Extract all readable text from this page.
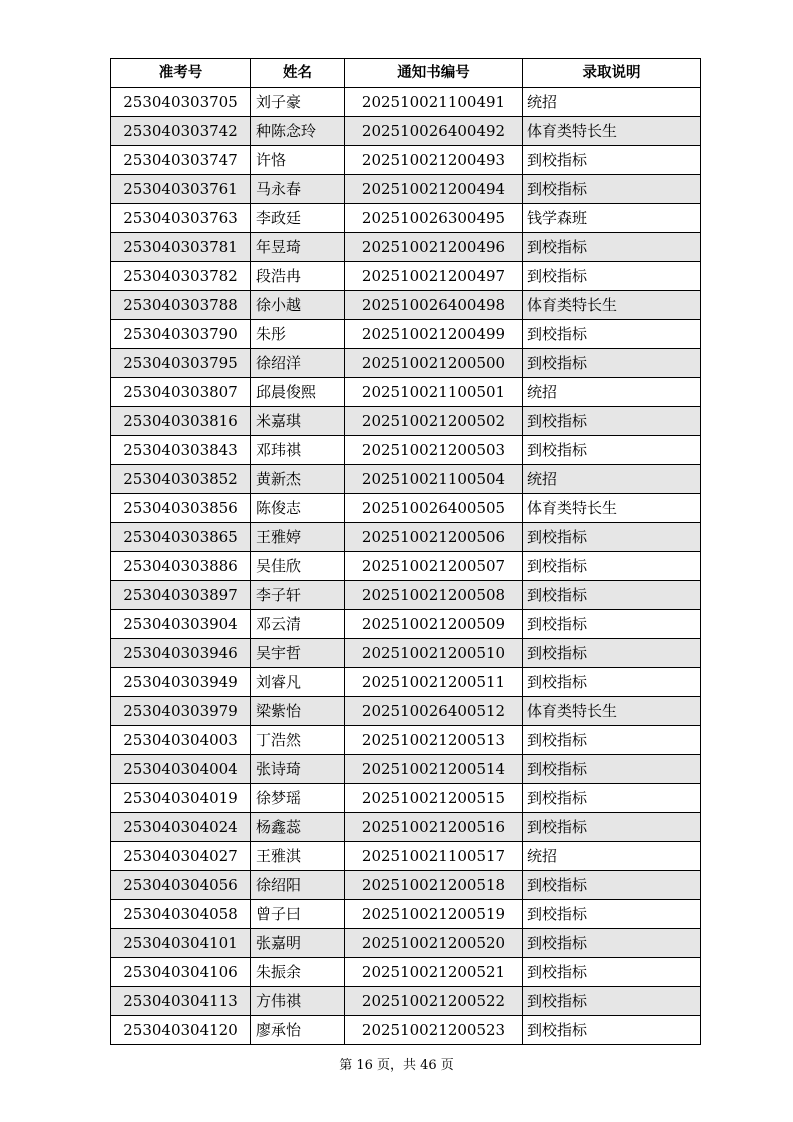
准考号	姓名	通知书编号	录取说明
253040303705	刘子豪	202510021100491	统招
253040303742	种陈念玲	202510026400492	体育类特长生
253040303747	许恪	202510021200493	到校指标
253040303761	马永春	202510021200494	到校指标
253040303763	李政廷	202510026300495	钱学森班
253040303781	年昱琦	202510021200496	到校指标
253040303782	段浩冉	202510021200497	到校指标
253040303788	徐小越	202510026400498	体育类特长生
253040303790	朱彤	202510021200499	到校指标
253040303795	徐绍洋	202510021200500	到校指标
253040303807	邱晨俊熙	202510021100501	统招
253040303816	米嘉琪	202510021200502	到校指标
253040303843	邓玮祺	202510021200503	到校指标
253040303852	黄新杰	202510021100504	统招
253040303856	陈俊志	202510026400505	体育类特长生
253040303865	王雅婷	202510021200506	到校指标
253040303886	吴佳欣	202510021200507	到校指标
253040303897	李子轩	202510021200508	到校指标
253040303904	邓云清	202510021200509	到校指标
253040303946	吴宇哲	202510021200510	到校指标
253040303949	刘睿凡	202510021200511	到校指标
253040303979	梁紫怡	202510026400512	体育类特长生
253040304003	丁浩然	202510021200513	到校指标
253040304004	张诗琦	202510021200514	到校指标
253040304019	徐梦瑶	202510021200515	到校指标
253040304024	杨鑫蕊	202510021200516	到校指标
253040304027	王雅淇	202510021100517	统招
253040304056	徐绍阳	202510021200518	到校指标
253040304058	曾子曰	202510021200519	到校指标
253040304101	张嘉明	202510021200520	到校指标
253040304106	朱振余	202510021200521	到校指标
253040304113	方伟祺	202510021200522	到校指标
253040304120	廖承怡	202510021200523	到校指标
第 16 页，共 46 页
